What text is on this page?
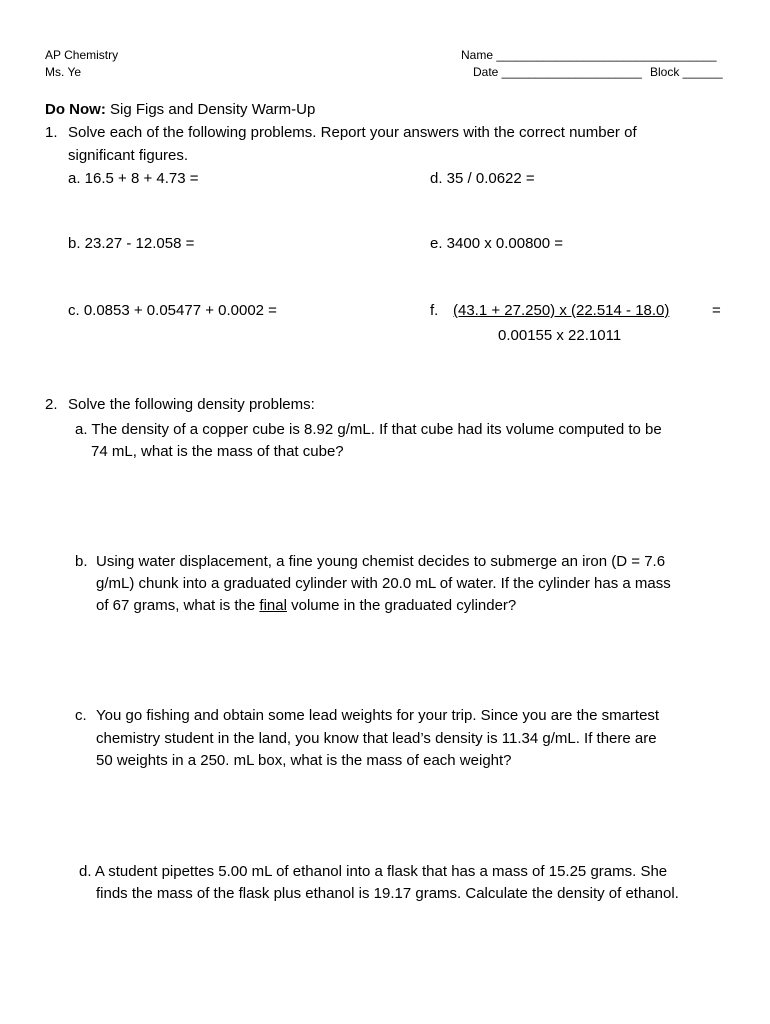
AP Chemistry
Ms. Ye
Name _________________________________
Date _____________________ Block ______
Do Now: Sig Figs and Density Warm-Up
1. Solve each of the following problems. Report your answers with the correct number of
significant figures.
a. 16.5 + 8 + 4.73 =	d. 35 / 0.0622 =
b. 23.27 - 12.058 =	e. 3400 x 0.00800 =
c. 0.0853 + 0.05477 + 0.0002 =	f. (43.1 + 27.250) x (22.514 - 18.0)	=
0.00155 x 22.1011
2. Solve the following density problems:
a. The density of a copper cube is 8.92 g/mL. If that cube had its volume computed to be
74 mL, what is the mass of that cube?
b. Using water displacement, a fine young chemist decides to submerge an iron (D = 7.6
g/mL) chunk into a graduated cylinder with 20.0 mL of water. If the cylinder has a mass
of 67 grams, what is the final volume in the graduated cylinder?
c. You go fishing and obtain some lead weights for your trip. Since you are the smartest
chemistry student in the land, you know that lead’s density is 11.34 g/mL. If there are
50 weights in a 250. mL box, what is the mass of each weight?
d. A student pipettes 5.00 mL of ethanol into a flask that has a mass of 15.25 grams. She
finds the mass of the flask plus ethanol is 19.17 grams. Calculate the density of ethanol.
